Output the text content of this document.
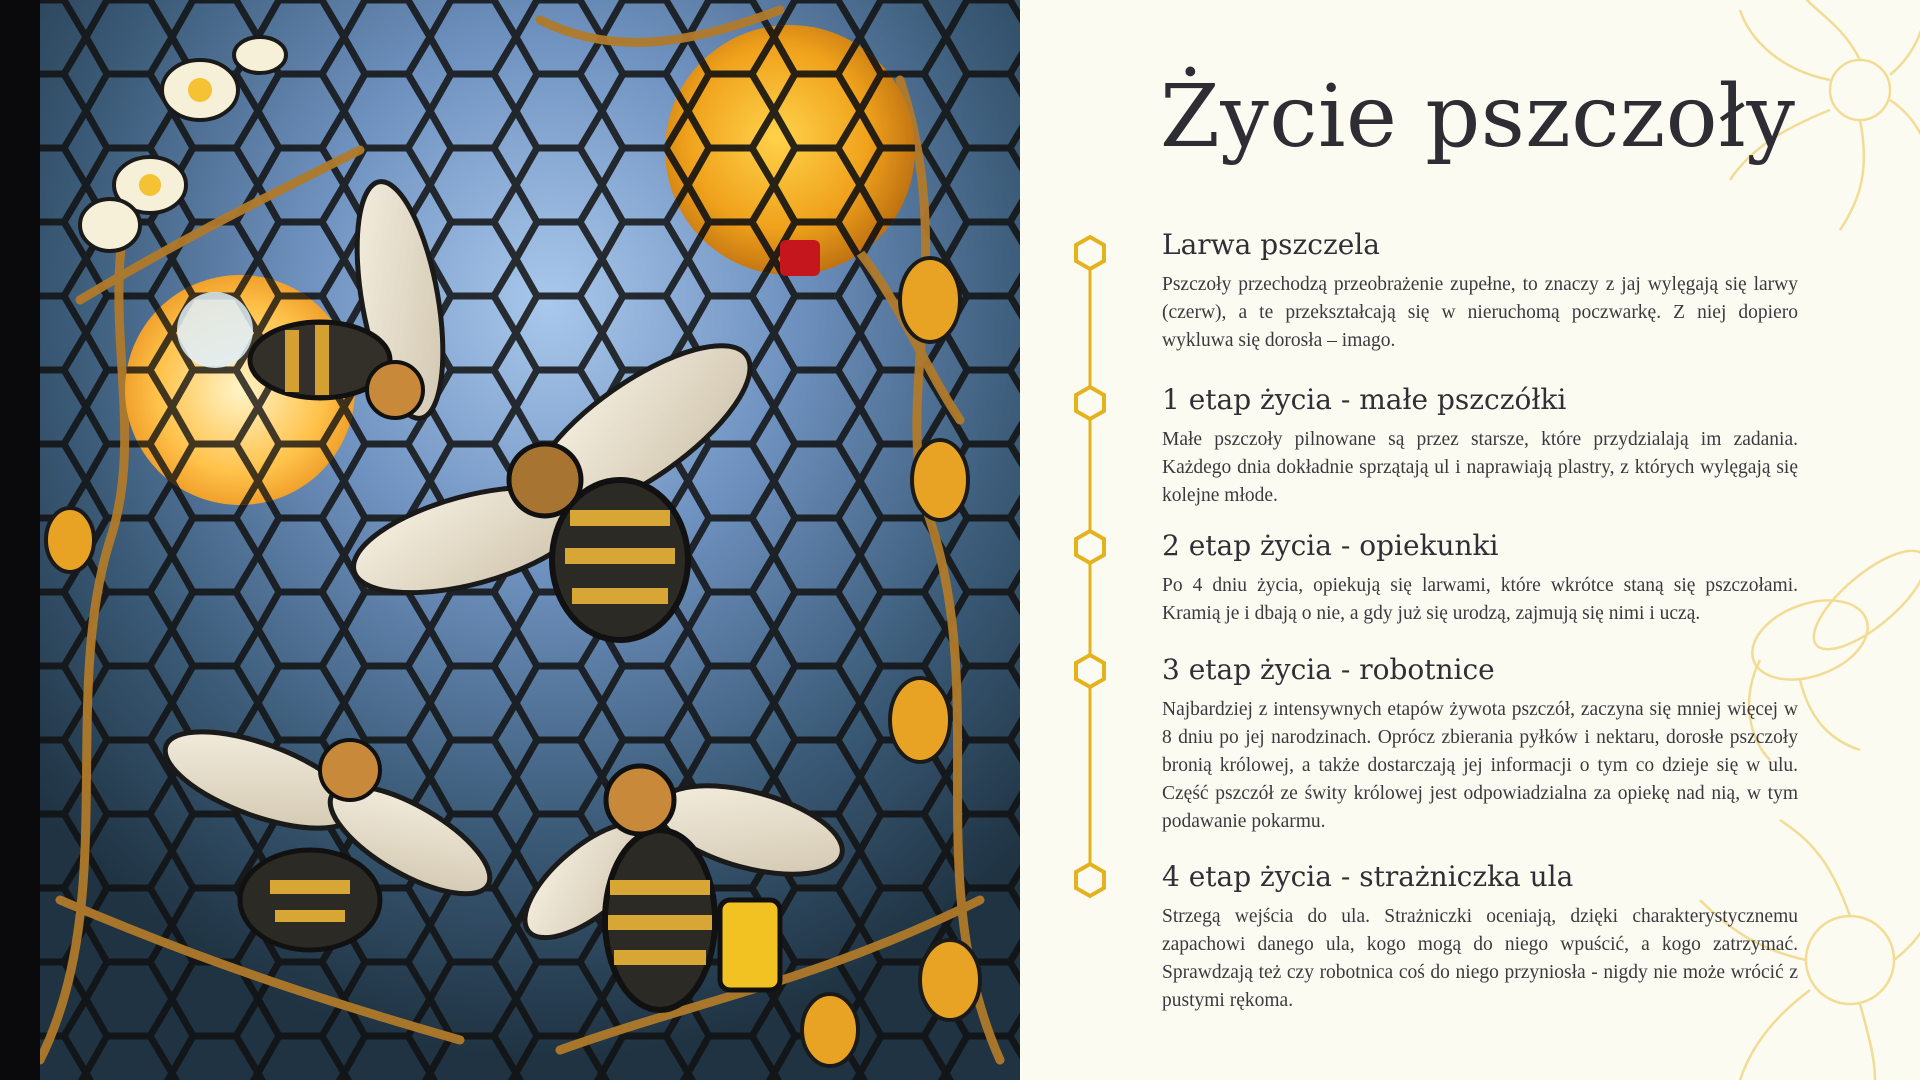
Życie pszczoły
Larwa pszczela

Pszczoły przechodzą przeobrażenie zupełne, to znaczy z jaj wylęgają się larwy (czerw), a te przekształcają się w nieruchomą poczwarkę. Z niej dopiero wykluwa się dorosła – imago.

1 etap życia - małe pszczółki

Małe pszczoły pilnowane są przez starsze, które przydzialają im zadania. Każdego dnia dokładnie sprzątają ul i naprawiają plastry, z których wylęgają się kolejne młode.

2 etap życia - opiekunki

Po 4 dniu życia, opiekują się larwami, które wkrótce staną się pszczołami. Kramią je i dbają o nie, a gdy już się urodzą, zajmują się nimi i uczą.

3 etap życia - robotnice

Najbardziej z intensywnych etapów żywota pszczół, zaczyna się mniej więcej w 8 dniu po jej narodzinach. Oprócz zbierania pyłków i nektaru, dorosłe pszczoły bronią królowej, a także dostarczają jej informacji o tym co dzieje się w ulu. Część pszczół ze świty królowej jest odpowiadzialna za opiekę nad nią, w tym podawanie pokarmu.

4 etap życia - strażniczka ula

Strzegą wejścia do ula. Strażniczki oceniają, dzięki charakterystycznemu zapachowi danego ula, kogo mogą do niego wpuścić, a kogo zatrzymać. Sprawdzają też czy robotnica coś do niego przyniosła - nigdy nie może wrócić z pustymi rękoma.
